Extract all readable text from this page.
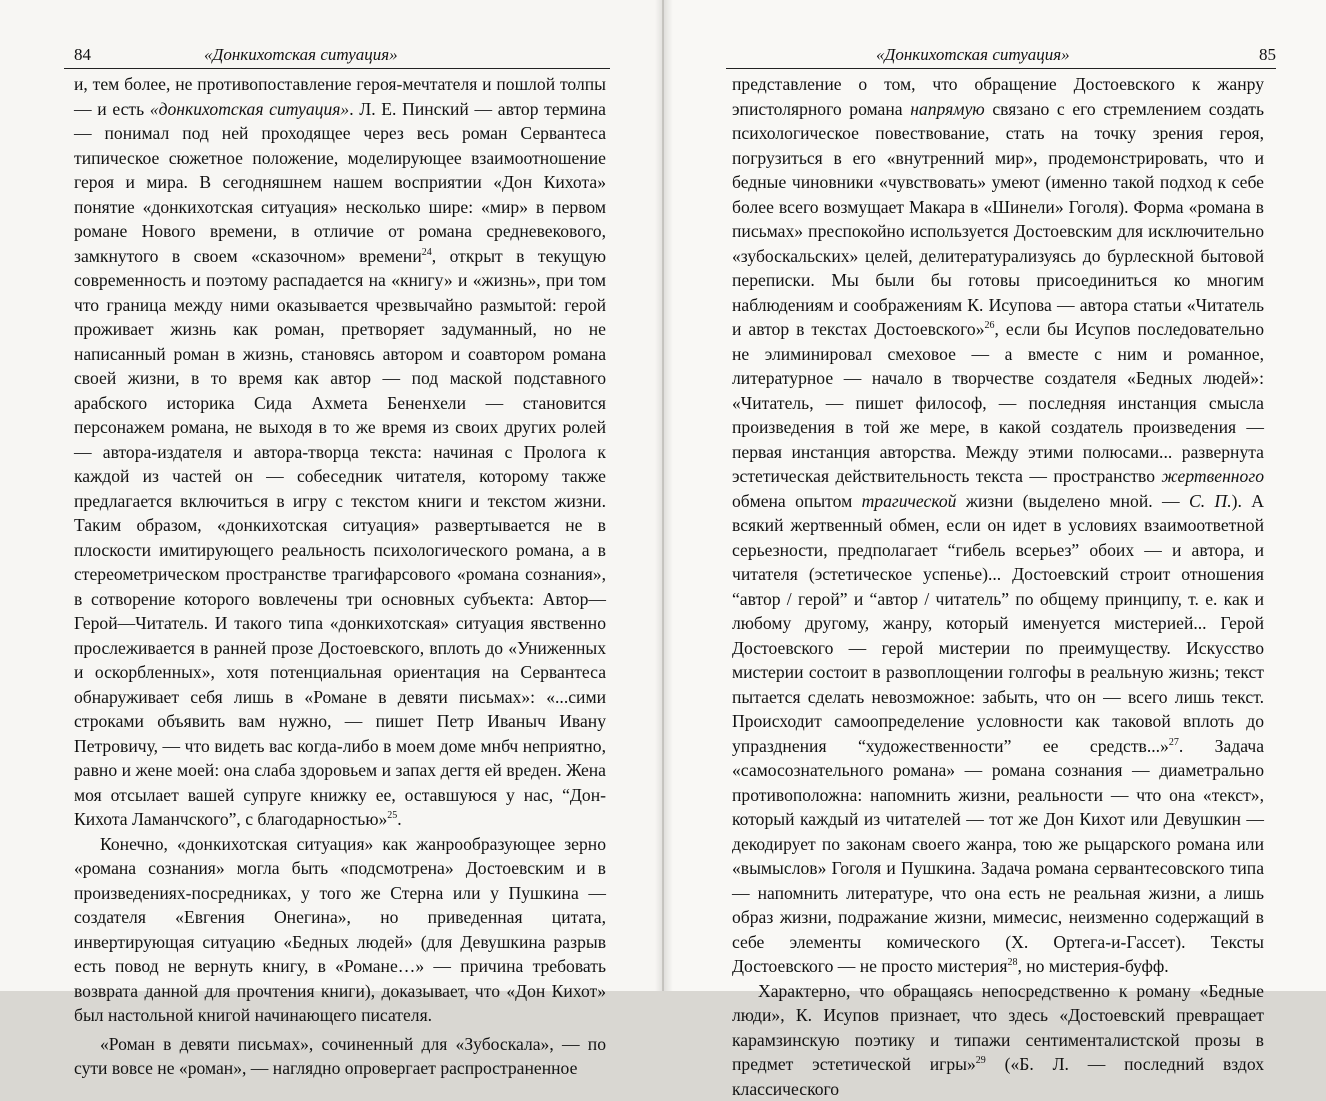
84	«Донкихотская ситуация»

и, тем более, не противопоставление героя-мечтателя и пошлой толпы — и есть «донкихотская ситуация». Л. Е. Пинский — автор термина — понимал под ней проходящее через весь роман Сервантеса типическое сюжетное положение, моделирующее взаимоотношение героя и мира. В сегодняшнем нашем восприятии «Дон Кихота» понятие «донкихотская ситуация» несколько шире: «мир» в первом романе Нового времени, в отличие от романа средневекового, замкнутого в своем «сказочном» времени$^{24}$, открыт в текущую современность и поэтому распадается на «книгу» и «жизнь», при том что граница между ними оказывается чрезвычайно размытой: герой проживает жизнь как роман, претворяет задуманный, но не написанный роман в жизнь, становясь автором и соавтором романа своей жизни, в то время как автор — под маской подставного арабского историка Сида Ахмета Бененхели — становится персонажем романа, не выходя в то же время из своих других ролей — автора-издателя и автора-творца текста: начиная с Пролога к каждой из частей он — собеседник читателя, которому также предлагается включиться в игру с текстом книги и текстом жизни. Таким образом, «донкихотская ситуация» развертывается не в плоскости имитирующего реальность психологического романа, а в стереометрическом пространстве трагифарсового «романа сознания», в сотворение которого вовлечены три основных субъекта: Автор—Герой—Читатель. И такого типа «донкихотская» ситуация явственно прослеживается в ранней прозе Достоевского, вплоть до «Униженных и оскорбленных», хотя потенциальная ориентация на Сервантеса обнаруживает себя лишь в «Романе в девяти письмах»: «...сими строками объявить вам нужно, — пишет Петр Иваныч Ивану Петровичу, — что видеть вас когда-либо в моем доме мнбч неприятно, равно и жене моей: она слаба здоровьем и запах дегтя ей вреден. Жена моя отсылает вашей супруге книжку ее, оставшуюся у нас, “Дон-Кихота Ламанчского”, с благодарностью»$^{25}$.

Конечно, «донкихотская ситуация» как жанрообразующее зерно «романа сознания» могла быть «подсмотрена» Достоевским и в произведениях-посредниках, у того же Стерна или у Пушкина — создателя «Евгения Онегина», но приведенная цитата, инвертирующая ситуацию «Бедных людей» (для Девушкина разрыв есть повод не вернуть книгу, в «Романе…» — причина требовать возврата данной для прочтения книги), доказывает, что «Дон Кихот» был настольной книгой начинающего писателя.

«Роман в девяти письмах», сочиненный для «Зубоскала», — по сути вовсе не «роман», — наглядно опровергает распространенное

«Донкихотская ситуация»	85

представление о том, что обращение Достоевского к жанру эпистолярного романа напрямую связано с его стремлением создать психологическое повествование, стать на точку зрения героя, погрузиться в его «внутренний мир», продемонстрировать, что и бедные чиновники «чувствовать» умеют (именно такой подход к себе более всего возмущает Макара в «Шинели» Гоголя). Форма «романа в письмах» преспокойно используется Достоевским для исключительно «зубоскальских» целей, делитературализуясь до бурлескной бытовой переписки. Мы были бы готовы присоединиться ко многим наблюдениям и соображениям К. Исупова — автора статьи «Читатель и автор в текстах Достоевского»$^{26}$, если бы Исупов последовательно не элиминировал смеховое — а вместе с ним и романное, литературное — начало в творчестве создателя «Бедных людей»: «Читатель, — пишет философ, — последняя инстанция смысла произведения в той же мере, в какой создатель произведения — первая инстанция авторства. Между этими полюсами... развернута эстетическая действительность текста — пространство жертвенного обмена опытом трагической жизни (выделено мной. — С. П.). А всякий жертвенный обмен, если он идет в условиях взаимоответной серьезности, предполагает “гибель всерьез” обоих — и автора, и читателя (эстетическое успенье)... Достоевский строит отношения “автор / герой” и “автор / читатель” по общему принципу, т. е. как и любому другому, жанру, который именуется мистерией... Герой Достоевского — герой мистерии по преимуществу. Искусство мистерии состоит в развоплощении голгофы в реальную жизнь; текст пытается сделать невозможное: забыть, что он — всего лишь текст. Происходит самоопределение условности как таковой вплоть до упразднения “художественности” ее средств...»$^{27}$. Задача «самосознательного романа» — романа сознания — диаметрально противоположна: напомнить жизни, реальности — что она «текст», который каждый из читателей — тот же Дон Кихот или Девушкин — декодирует по законам своего жанра, тою же рыцарского романа или «вымыслов» Гоголя и Пушкина. Задача романа сервантесовского типа — напомнить литературе, что она есть не реальная жизни, а лишь образ жизни, подражание жизни, мимесис, неизменно содержащий в себе элементы комического (Х. Ортега-и-Гассет). Тексты Достоевского — не просто мистерия$^{28}$, но мистерия-буфф.

Характерно, что обращаясь непосредственно к роману «Бедные люди», К. Исупов признает, что здесь «Достоевский превращает карамзинскую поэтику и типажи сентименталистской прозы в предмет эстетической игры»$^{29}$ («Б. Л. — последний вздох классического
